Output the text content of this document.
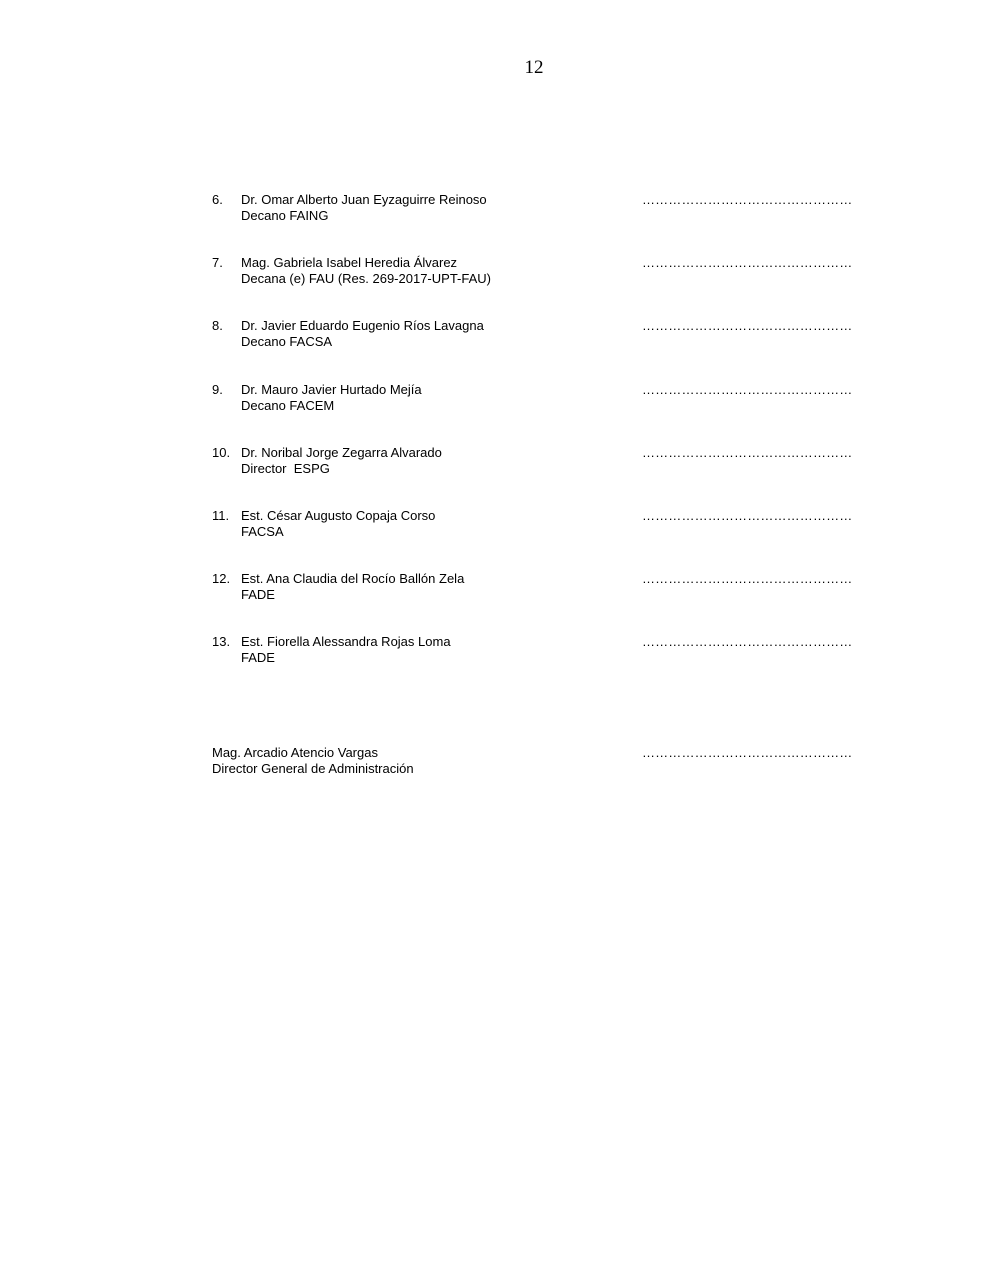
12
6.	Dr. Omar Alberto Juan Eyzaguirre Reinoso
Decano FAING
…………………………………………
7.	Mag. Gabriela Isabel Heredia Álvarez
Decana (e) FAU (Res. 269-2017-UPT-FAU)
…………………………………………
8.	Dr. Javier Eduardo Eugenio Ríos Lavagna
Decano FACSA
…………………………………………
9.	Dr. Mauro Javier Hurtado Mejía
Decano FACEM
…………………………………………
10. Dr. Noribal Jorge Zegarra Alvarado
Director  ESPG
…………………………………………
11. Est. César Augusto Copaja Corso
FACSA
…………………………………………
12. Est. Ana Claudia del Rocío Ballón Zela
FADE
…………………………………………
13. Est. Fiorella Alessandra Rojas Loma
FADE
…………………………………………
Mag. Arcadio Atencio Vargas
Director General de Administración
…………………………………………
